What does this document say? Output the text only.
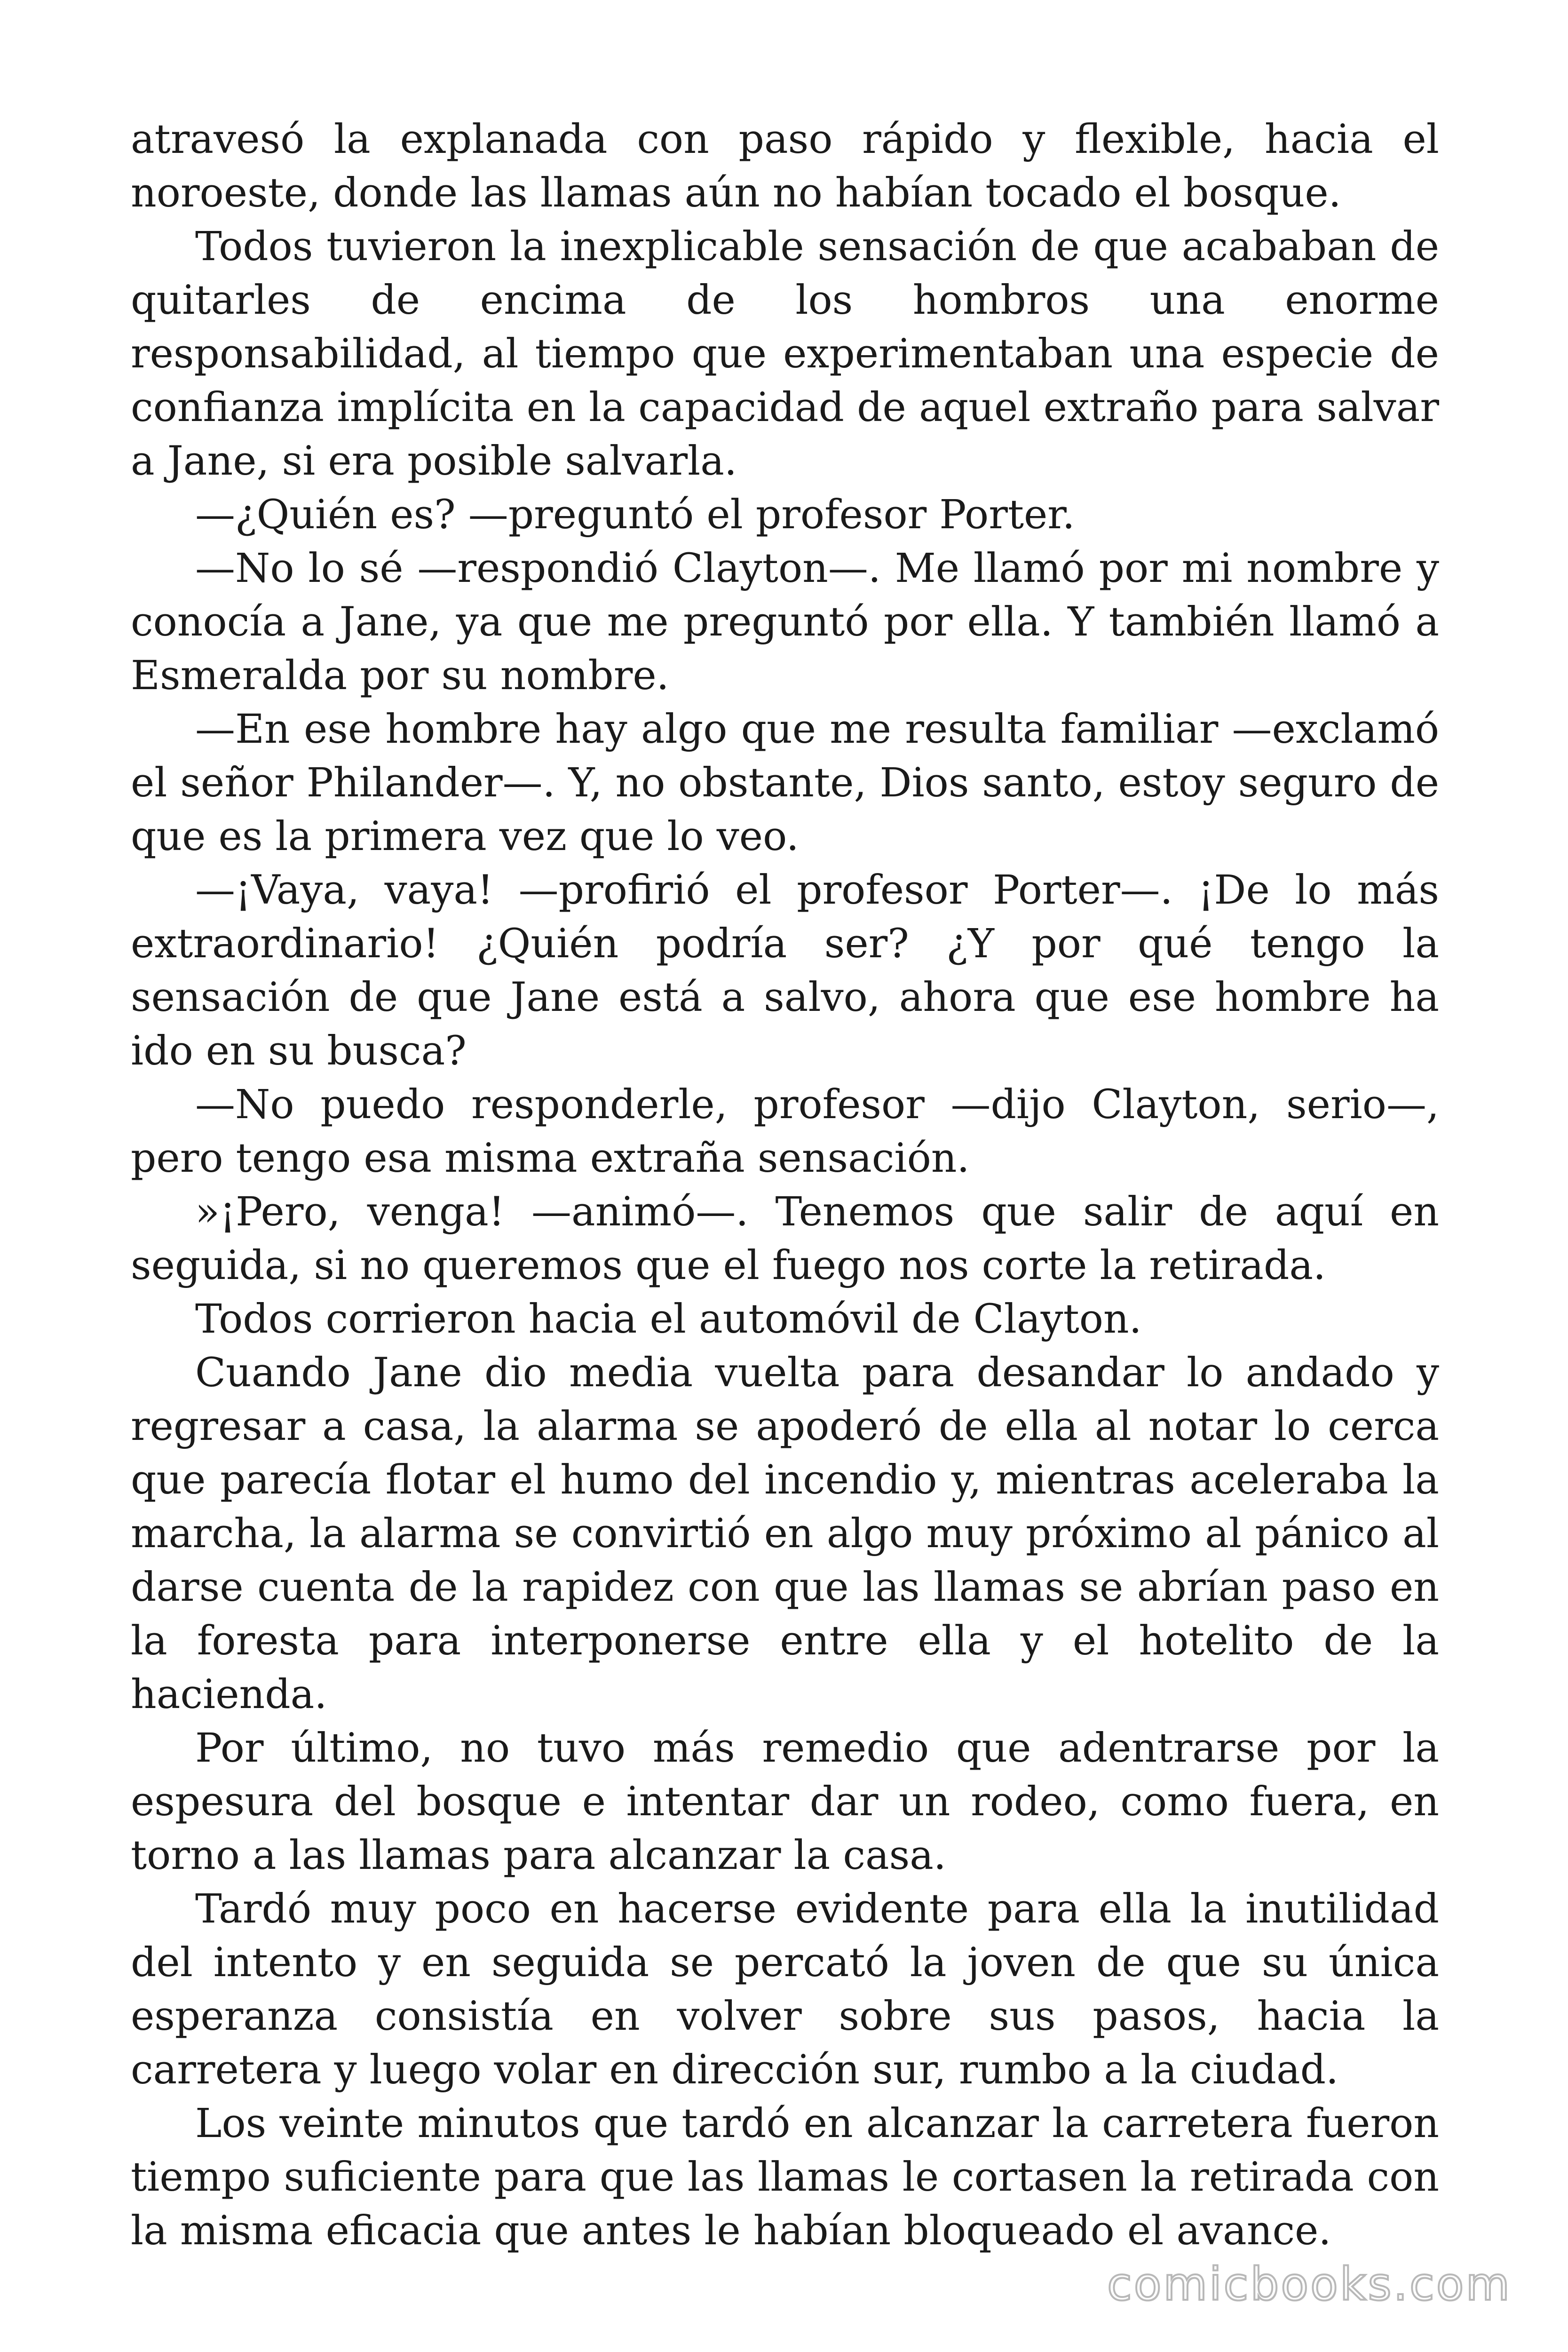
atravesó la explanada con paso rápido y flexible, hacia el noroeste, donde las llamas aún no habían tocado el bosque.

Todos tuvieron la inexplicable sensación de que acababan de quitarles de encima de los hombros una enorme responsabilidad, al tiempo que experimentaban una especie de confianza implícita en la capacidad de aquel extraño para salvar a Jane, si era posible salvarla.

—¿Quién es? —preguntó el profesor Porter.

—No lo sé —respondió Clayton—. Me llamó por mi nombre y conocía a Jane, ya que me preguntó por ella. Y también llamó a Esmeralda por su nombre.

—En ese hombre hay algo que me resulta familiar —exclamó el señor Philander—. Y, no obstante, Dios santo, estoy seguro de que es la primera vez que lo veo.

—¡Vaya, vaya! —profirió el profesor Porter—. ¡De lo más extraordinario! ¿Quién podría ser? ¿Y por qué tengo la sensación de que Jane está a salvo, ahora que ese hombre ha ido en su busca?

—No puedo responderle, profesor —dijo Clayton, serio—, pero tengo esa misma extraña sensación.

»¡Pero, venga! —animó—. Tenemos que salir de aquí en seguida, si no queremos que el fuego nos corte la retirada.

Todos corrieron hacia el automóvil de Clayton.

Cuando Jane dio media vuelta para desandar lo andado y regresar a casa, la alarma se apoderó de ella al notar lo cerca que parecía flotar el humo del incendio y, mientras aceleraba la marcha, la alarma se convirtió en algo muy próximo al pánico al darse cuenta de la rapidez con que las llamas se abrían paso en la foresta para interponerse entre ella y el hotelito de la hacienda.

Por último, no tuvo más remedio que adentrarse por la espesura del bosque e intentar dar un rodeo, como fuera, en torno a las llamas para alcanzar la casa.

Tardó muy poco en hacerse evidente para ella la inutilidad del intento y en seguida se percató la joven de que su única esperanza consistía en volver sobre sus pasos, hacia la carretera y luego volar en dirección sur, rumbo a la ciudad.

Los veinte minutos que tardó en alcanzar la carretera fueron tiempo suficiente para que las llamas le cortasen la retirada con la misma eficacia que antes le habían bloqueado el avance.

comicbooks.com
